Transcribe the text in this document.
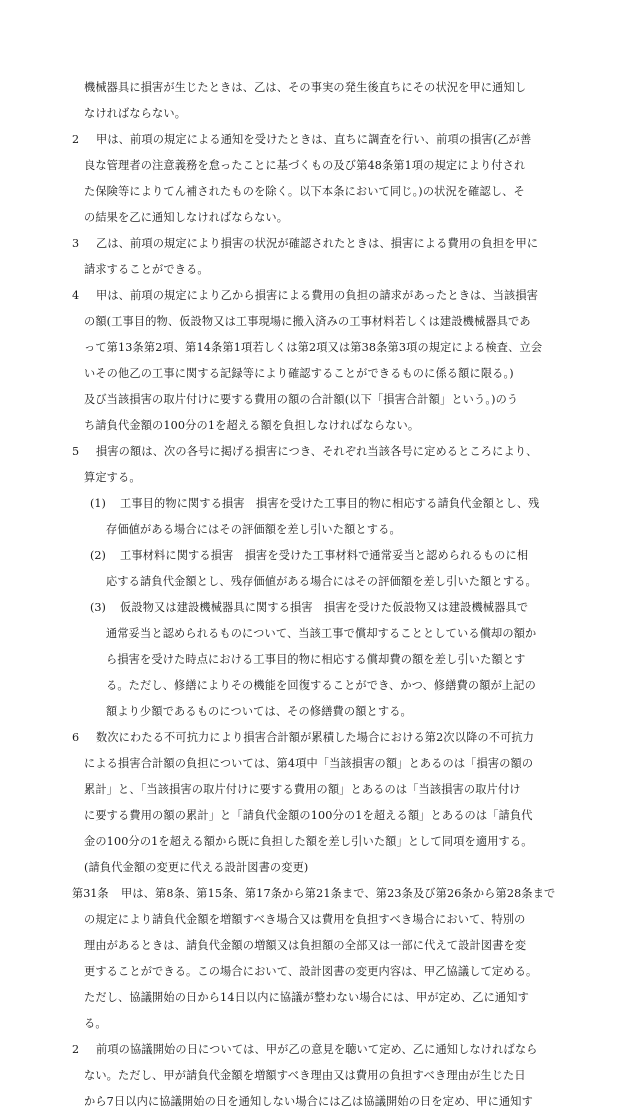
機械器具に損害が生じたときは、乙は、その事実の発生後直ちにその状況を甲に通知し
なければならない。
2 甲は、前項の規定による通知を受けたときは、直ちに調査を行い、前項の損害(乙が善
良な管理者の注意義務を怠ったことに基づくもの及び第48条第1項の規定により付され
た保険等によりてん補されたものを除く。以下本条において同じ。)の状況を確認し、そ
の結果を乙に通知しなければならない。
3 乙は、前項の規定により損害の状況が確認されたときは、損害による費用の負担を甲に
請求することができる。
4 甲は、前項の規定により乙から損害による費用の負担の請求があったときは、当該損害
の額(工事目的物、仮設物又は工事現場に搬入済みの工事材料若しくは建設機械器具であ
って第13条第2項、第14条第1項若しくは第2項又は第38条第3項の規定による検査、立会
いその他乙の工事に関する記録等により確認することができるものに係る額に限る。)
及び当該損害の取片付けに要する費用の額の合計額(以下「損害合計額」という。)のう
ち請負代金額の100分の1を超える額を負担しなければならない。
5 損害の額は、次の各号に掲げる損害につき、それぞれ当該各号に定めるところにより、
算定する。
(1) 工事目的物に関する損害　損害を受けた工事目的物に相応する請負代金額とし、残
存価値がある場合にはその評価額を差し引いた額とする。
(2) 工事材料に関する損害　損害を受けた工事材料で通常妥当と認められるものに相
応する請負代金額とし、残存価値がある場合にはその評価額を差し引いた額とする。
(3) 仮設物又は建設機械器具に関する損害　損害を受けた仮設物又は建設機械器具で
通常妥当と認められるものについて、当該工事で償却することとしている償却の額か
ら損害を受けた時点における工事目的物に相応する償却費の額を差し引いた額とす
る。ただし、修繕によりその機能を回復することができ、かつ、修繕費の額が上記の
額より少額であるものについては、その修繕費の額とする。
6 数次にわたる不可抗力により損害合計額が累積した場合における第2次以降の不可抗力
による損害合計額の負担については、第4項中「当該損害の額」とあるのは「損害の額の
累計」と、「当該損害の取片付けに要する費用の額」とあるのは「当該損害の取片付け
に要する費用の額の累計」と「請負代金額の100分の1を超える額」とあるのは「請負代
金の100分の1を超える額から既に負担した額を差し引いた額」として同項を適用する。
(請負代金額の変更に代える設計図書の変更)
第31条 甲は、第8条、第15条、第17条から第21条まで、第23条及び第26条から第28条まで
の規定により請負代金額を増額すべき場合又は費用を負担すべき場合において、特別の
理由があるときは、請負代金額の増額又は負担額の全部又は一部に代えて設計図書を変
更することができる。この場合において、設計図書の変更内容は、甲乙協議して定める。
ただし、協議開始の日から14日以内に協議が整わない場合には、甲が定め、乙に通知す
る。
2 前項の協議開始の日については、甲が乙の意見を聴いて定め、乙に通知しなければなら
ない。ただし、甲が請負代金額を増額すべき理由又は費用の負担すべき理由が生じた日
から7日以内に協議開始の日を通知しない場合には乙は協議開始の日を定め、甲に通知す
